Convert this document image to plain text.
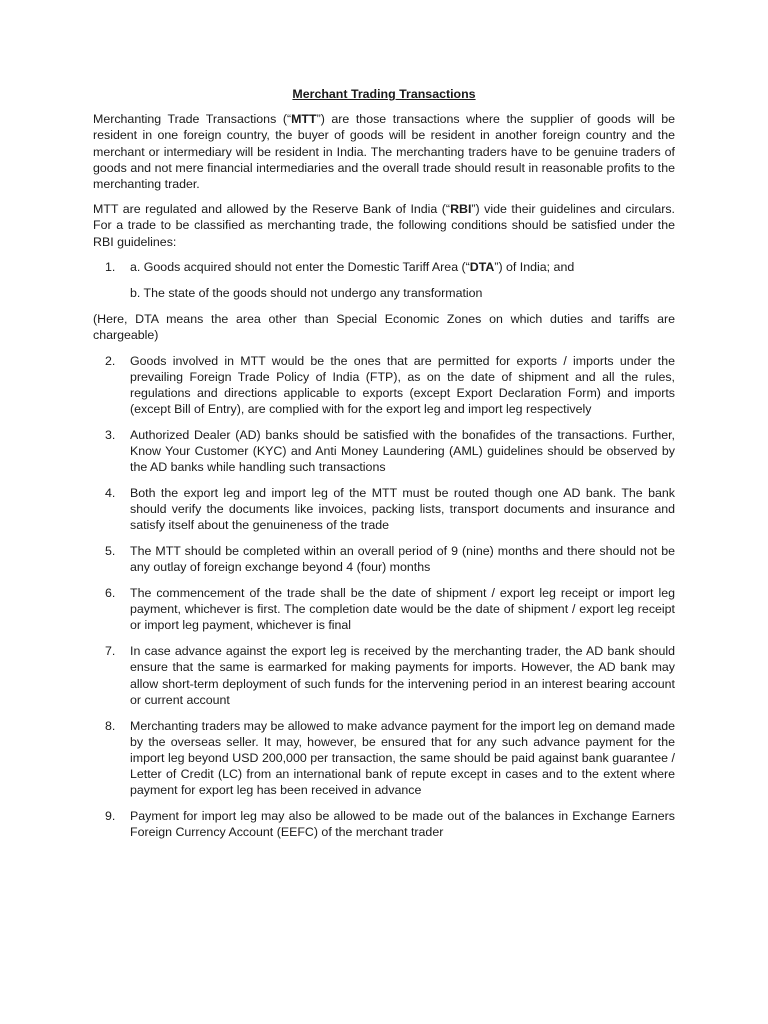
Merchant Trading Transactions

Merchanting Trade Transactions (“MTT”) are those transactions where the supplier of goods will be resident in one foreign country, the buyer of goods will be resident in another foreign country and the merchant or intermediary will be resident in India. The merchanting traders have to be genuine traders of goods and not mere financial intermediaries and the overall trade should result in reasonable profits to the merchanting trader.

MTT are regulated and allowed by the Reserve Bank of India (“RBI”) vide their guidelines and circulars. For a trade to be classified as merchanting trade, the following conditions should be satisfied under the RBI guidelines:

1. a. Goods acquired should not enter the Domestic Tariff Area (“DTA”) of India; and
b. The state of the goods should not undergo any transformation

(Here, DTA means the area other than Special Economic Zones on which duties and tariffs are chargeable)

2. Goods involved in MTT would be the ones that are permitted for exports / imports under the prevailing Foreign Trade Policy of India (FTP), as on the date of shipment and all the rules, regulations and directions applicable to exports (except Export Declaration Form) and imports (except Bill of Entry), are complied with for the export leg and import leg respectively
3. Authorized Dealer (AD) banks should be satisfied with the bonafides of the transactions. Further, Know Your Customer (KYC) and Anti Money Laundering (AML) guidelines should be observed by the AD banks while handling such transactions
4. Both the export leg and import leg of the MTT must be routed though one AD bank. The bank should verify the documents like invoices, packing lists, transport documents and insurance and satisfy itself about the genuineness of the trade
5. The MTT should be completed within an overall period of 9 (nine) months and there should not be any outlay of foreign exchange beyond 4 (four) months
6. The commencement of the trade shall be the date of shipment / export leg receipt or import leg payment, whichever is first. The completion date would be the date of shipment / export leg receipt or import leg payment, whichever is final
7. In case advance against the export leg is received by the merchanting trader, the AD bank should ensure that the same is earmarked for making payments for imports. However, the AD bank may allow short-term deployment of such funds for the intervening period in an interest bearing account or current account
8. Merchanting traders may be allowed to make advance payment for the import leg on demand made by the overseas seller. It may, however, be ensured that for any such advance payment for the import leg beyond USD 200,000 per transaction, the same should be paid against bank guarantee / Letter of Credit (LC) from an international bank of repute except in cases and to the extent where payment for export leg has been received in advance
9. Payment for import leg may also be allowed to be made out of the balances in Exchange Earners Foreign Currency Account (EEFC) of the merchant trader
